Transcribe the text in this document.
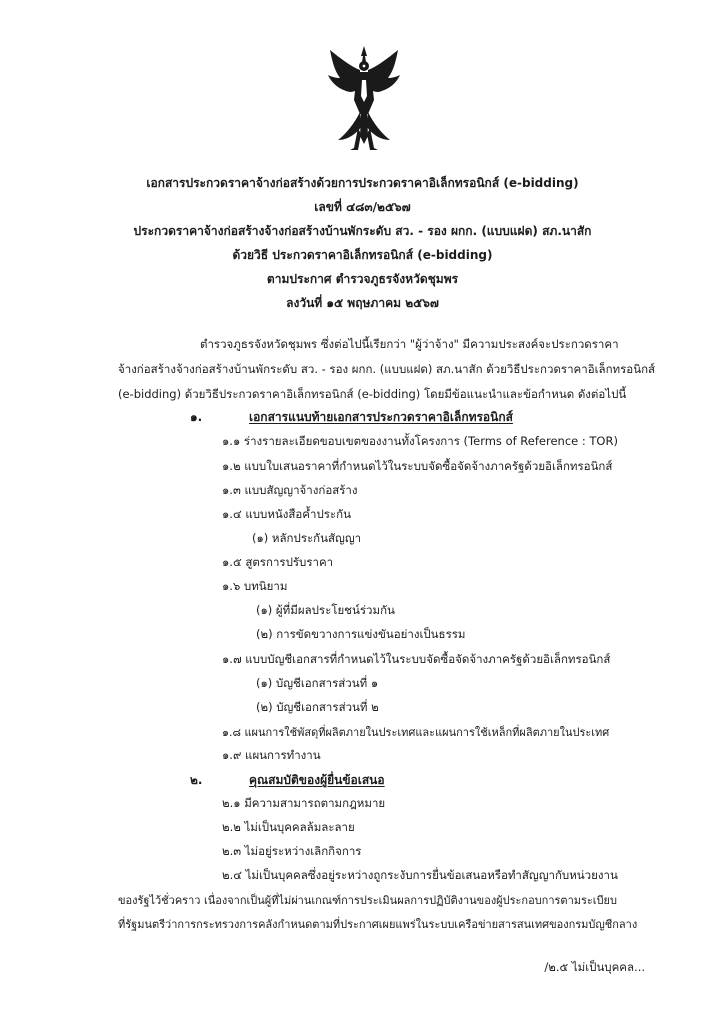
เอกสารประกวดราคาจ้างก่อสร้างด้วยการประกวดราคาอิเล็กทรอนิกส์ (e-bidding)
เลขที่ ๔๘๓/๒๕๖๗
ประกวดราคาจ้างก่อสร้างจ้างก่อสร้างบ้านพักระดับ สว. - รอง ผกก. (แบบแฝด) สภ.นาสัก
ด้วยวิธี ประกวดราคาอิเล็กทรอนิกส์ (e-bidding)
ตามประกาศ ตำรวจภูธรจังหวัดชุมพร
ลงวันที่ ๑๕ พฤษภาคม ๒๕๖๗
ตำรวจภูธรจังหวัดชุมพร ซึ่งต่อไปนี้เรียกว่า "ผู้ว่าจ้าง" มีความประสงค์จะประกวดราคา
จ้างก่อสร้างจ้างก่อสร้างบ้านพักระดับ สว. - รอง ผกก. (แบบแฝด) สภ.นาสัก ด้วยวิธีประกวดราคาอิเล็กทรอนิกส์
(e-bidding) ด้วยวิธีประกวดราคาอิเล็กทรอนิกส์ (e-bidding) โดยมีข้อแนะนำและข้อกำหนด ดังต่อไปนี้
๑.	เอกสารแนบท้ายเอกสารประกวดราคาอิเล็กทรอนิกส์
๑.๑ ร่างรายละเอียดขอบเขตของงานทั้งโครงการ (Terms of Reference : TOR)
๑.๒ แบบใบเสนอราคาที่กำหนดไว้ในระบบจัดซื้อจัดจ้างภาครัฐด้วยอิเล็กทรอนิกส์
๑.๓ แบบสัญญาจ้างก่อสร้าง
๑.๔ แบบหนังสือค้ำประกัน
(๑) หลักประกันสัญญา
๑.๕ สูตรการปรับราคา
๑.๖ บทนิยาม
(๑) ผู้ที่มีผลประโยชน์ร่วมกัน
(๒) การขัดขวางการแข่งขันอย่างเป็นธรรม
๑.๗ แบบบัญชีเอกสารที่กำหนดไว้ในระบบจัดซื้อจัดจ้างภาครัฐด้วยอิเล็กทรอนิกส์
(๑) บัญชีเอกสารส่วนที่ ๑
(๒) บัญชีเอกสารส่วนที่ ๒
๑.๘ แผนการใช้พัสดุที่ผลิตภายในประเทศและแผนการใช้เหล็กที่ผลิตภายในประเทศ
๑.๙ แผนการทำงาน
๒.	คุณสมบัติของผู้ยื่นข้อเสนอ
๒.๑ มีความสามารถตามกฎหมาย
๒.๒ ไม่เป็นบุคคลล้มละลาย
๒.๓ ไม่อยู่ระหว่างเลิกกิจการ
๒.๔ ไม่เป็นบุคคลซึ่งอยู่ระหว่างถูกระงับการยื่นข้อเสนอหรือทำสัญญากับหน่วยงาน
ของรัฐไว้ชั่วคราว เนื่องจากเป็นผู้ที่ไม่ผ่านเกณฑ์การประเมินผลการปฏิบัติงานของผู้ประกอบการตามระเบียบ
ที่รัฐมนตรีว่าการกระทรวงการคลังกำหนดตามที่ประกาศเผยแพร่ในระบบเครือข่ายสารสนเทศของกรมบัญชีกลาง
/๒.๕ ไม่เป็นบุคคล...
